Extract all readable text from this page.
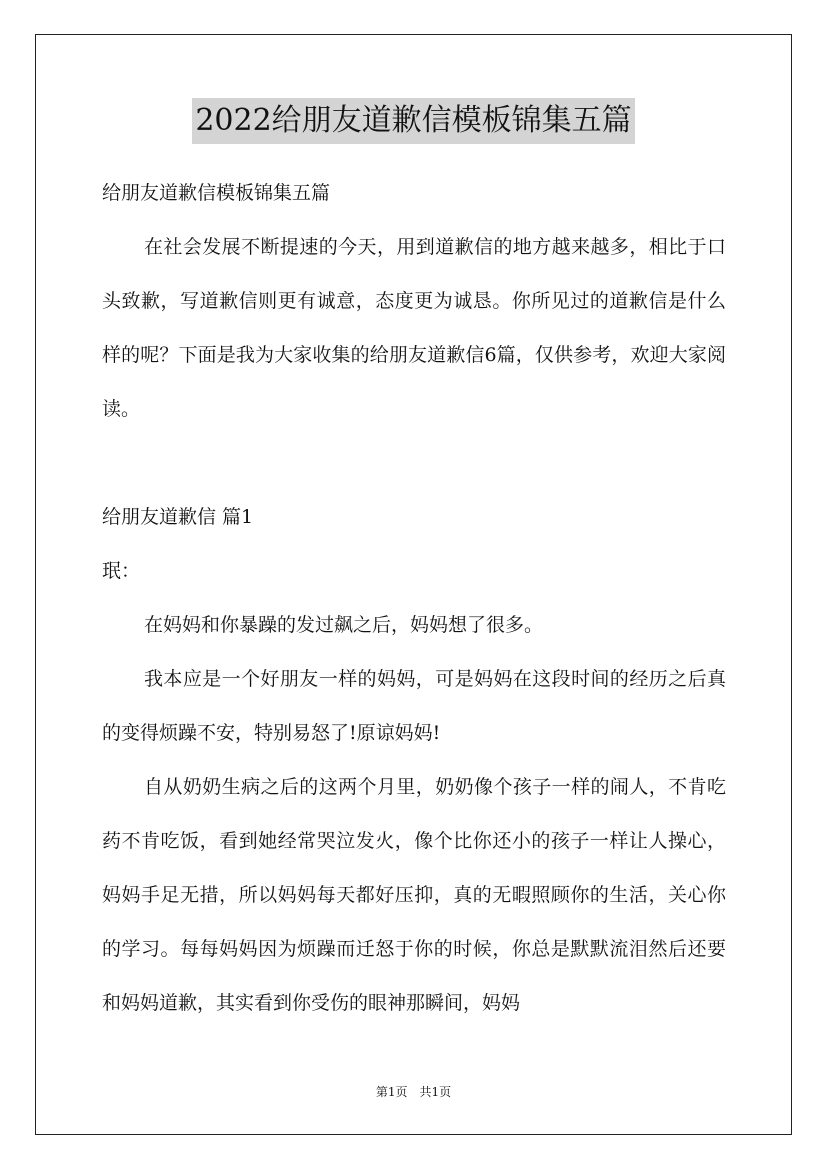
2022给朋友道歉信模板锦集五篇

给朋友道歉信模板锦集五篇

在社会发展不断提速的今天，用到道歉信的地方越来越多，相比于口头致歉，写道歉信则更有诚意，态度更为诚恳。你所见过的道歉信是什么样的呢？下面是我为大家收集的给朋友道歉信6篇，仅供参考，欢迎大家阅读。

给朋友道歉信 篇1

珉：

在妈妈和你暴躁的发过飙之后，妈妈想了很多。

我本应是一个好朋友一样的妈妈，可是妈妈在这段时间的经历之后真的变得烦躁不安，特别易怒了!原谅妈妈!

自从奶奶生病之后的这两个月里，奶奶像个孩子一样的闹人，不肯吃药不肯吃饭，看到她经常哭泣发火，像个比你还小的孩子一样让人操心，妈妈手足无措，所以妈妈每天都好压抑，真的无暇照顾你的生活，关心你的学习。每每妈妈因为烦躁而迁怒于你的时候，你总是默默流泪然后还要和妈妈道歉，其实看到你受伤的眼神那瞬间，妈妈

第1页　共1页
